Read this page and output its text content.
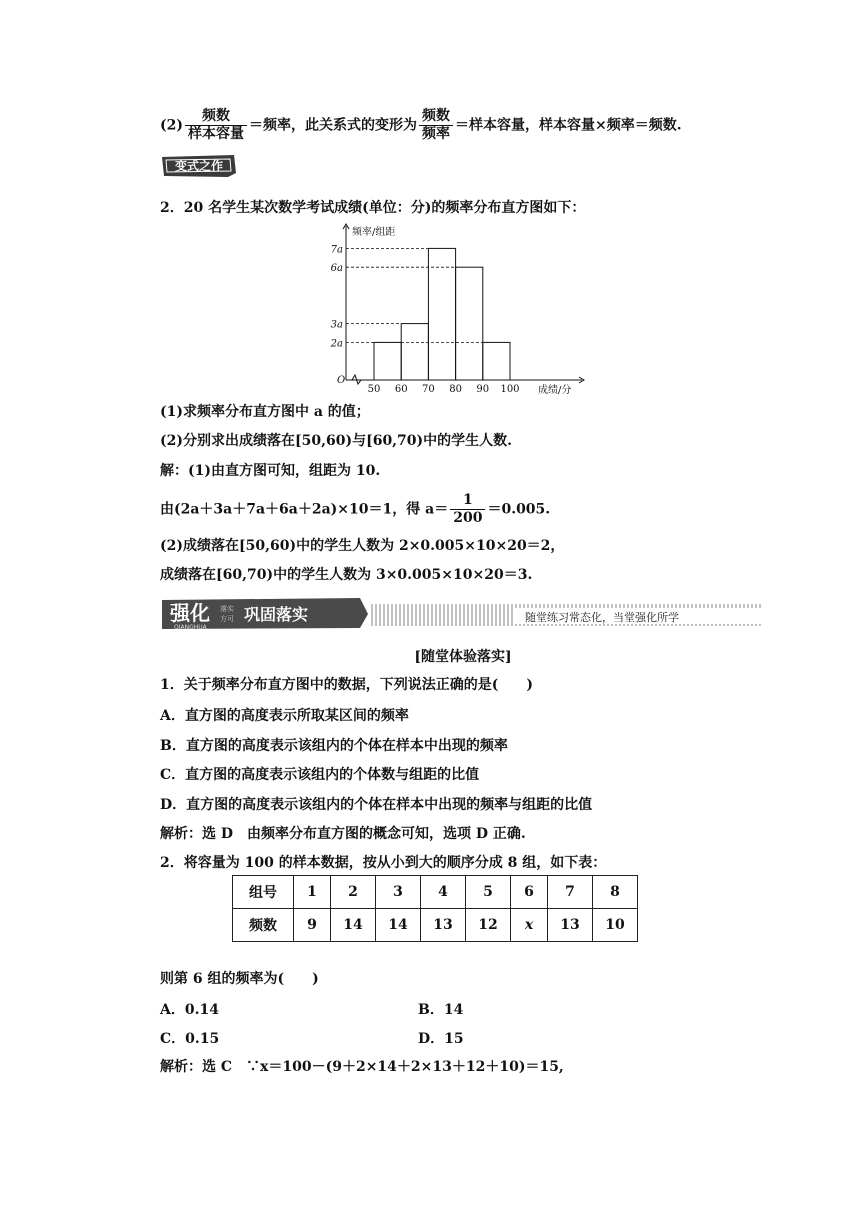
$(2) \frac{\text{频数}}{\text{样本容量}}$ ＝频率，此关系式的变形为 $\frac{\text{频数}}{\text{频率}}$ ＝样本容量，样本容量×频率＝频数.
变式之作
2．20 名学生某次数学考试成绩(单位：分)的频率分布直方图如下：
2a
3a
6a
7a
50 60 70 80 90 100
O
频率/组距
成绩/分
(1)求频率分布直方图中 a 的值；
(2)分别求出成绩落在[50,60)与[60,70)中的学生人数.
解：(1)由直方图可知，组距为 10.
由(2a＋3a＋7a＋6a＋2a)×10＝1，得 $a= \frac{1}{200} =0.005$.
(2)成绩落在[50,60)中的学生人数为 2×0.005×10×20＝2，
成绩落在[60,70)中的学生人数为 3×0.005×10×20＝3.
强化
QIANGHUA
落实
方可 巩固落实	随堂练习常态化，当堂强化所学
[随堂体验落实]
1．关于频率分布直方图中的数据，下列说法正确的是(　　)
A．直方图的高度表示所取某区间的频率
B．直方图的高度表示该组内的个体在样本中出现的频率
C．直方图的高度表示该组内的个体数与组距的比值
D．直方图的高度表示该组内的个体在样本中出现的频率与组距的比值
解析：选 D　由频率分布直方图的概念可知，选项 D 正确.
2．将容量为 100 的样本数据，按从小到大的顺序分成 8 组，如下表：
组号	1	2	3	4	5	6	7	8
频数	9	14	14	13	12	x	13	10
则第 6 组的频率为(　　)
A．0.14	B．14
C．0.15	D．15
解析：选 C　∵x＝100－(9＋2×14＋2×13＋12＋10)＝15,
